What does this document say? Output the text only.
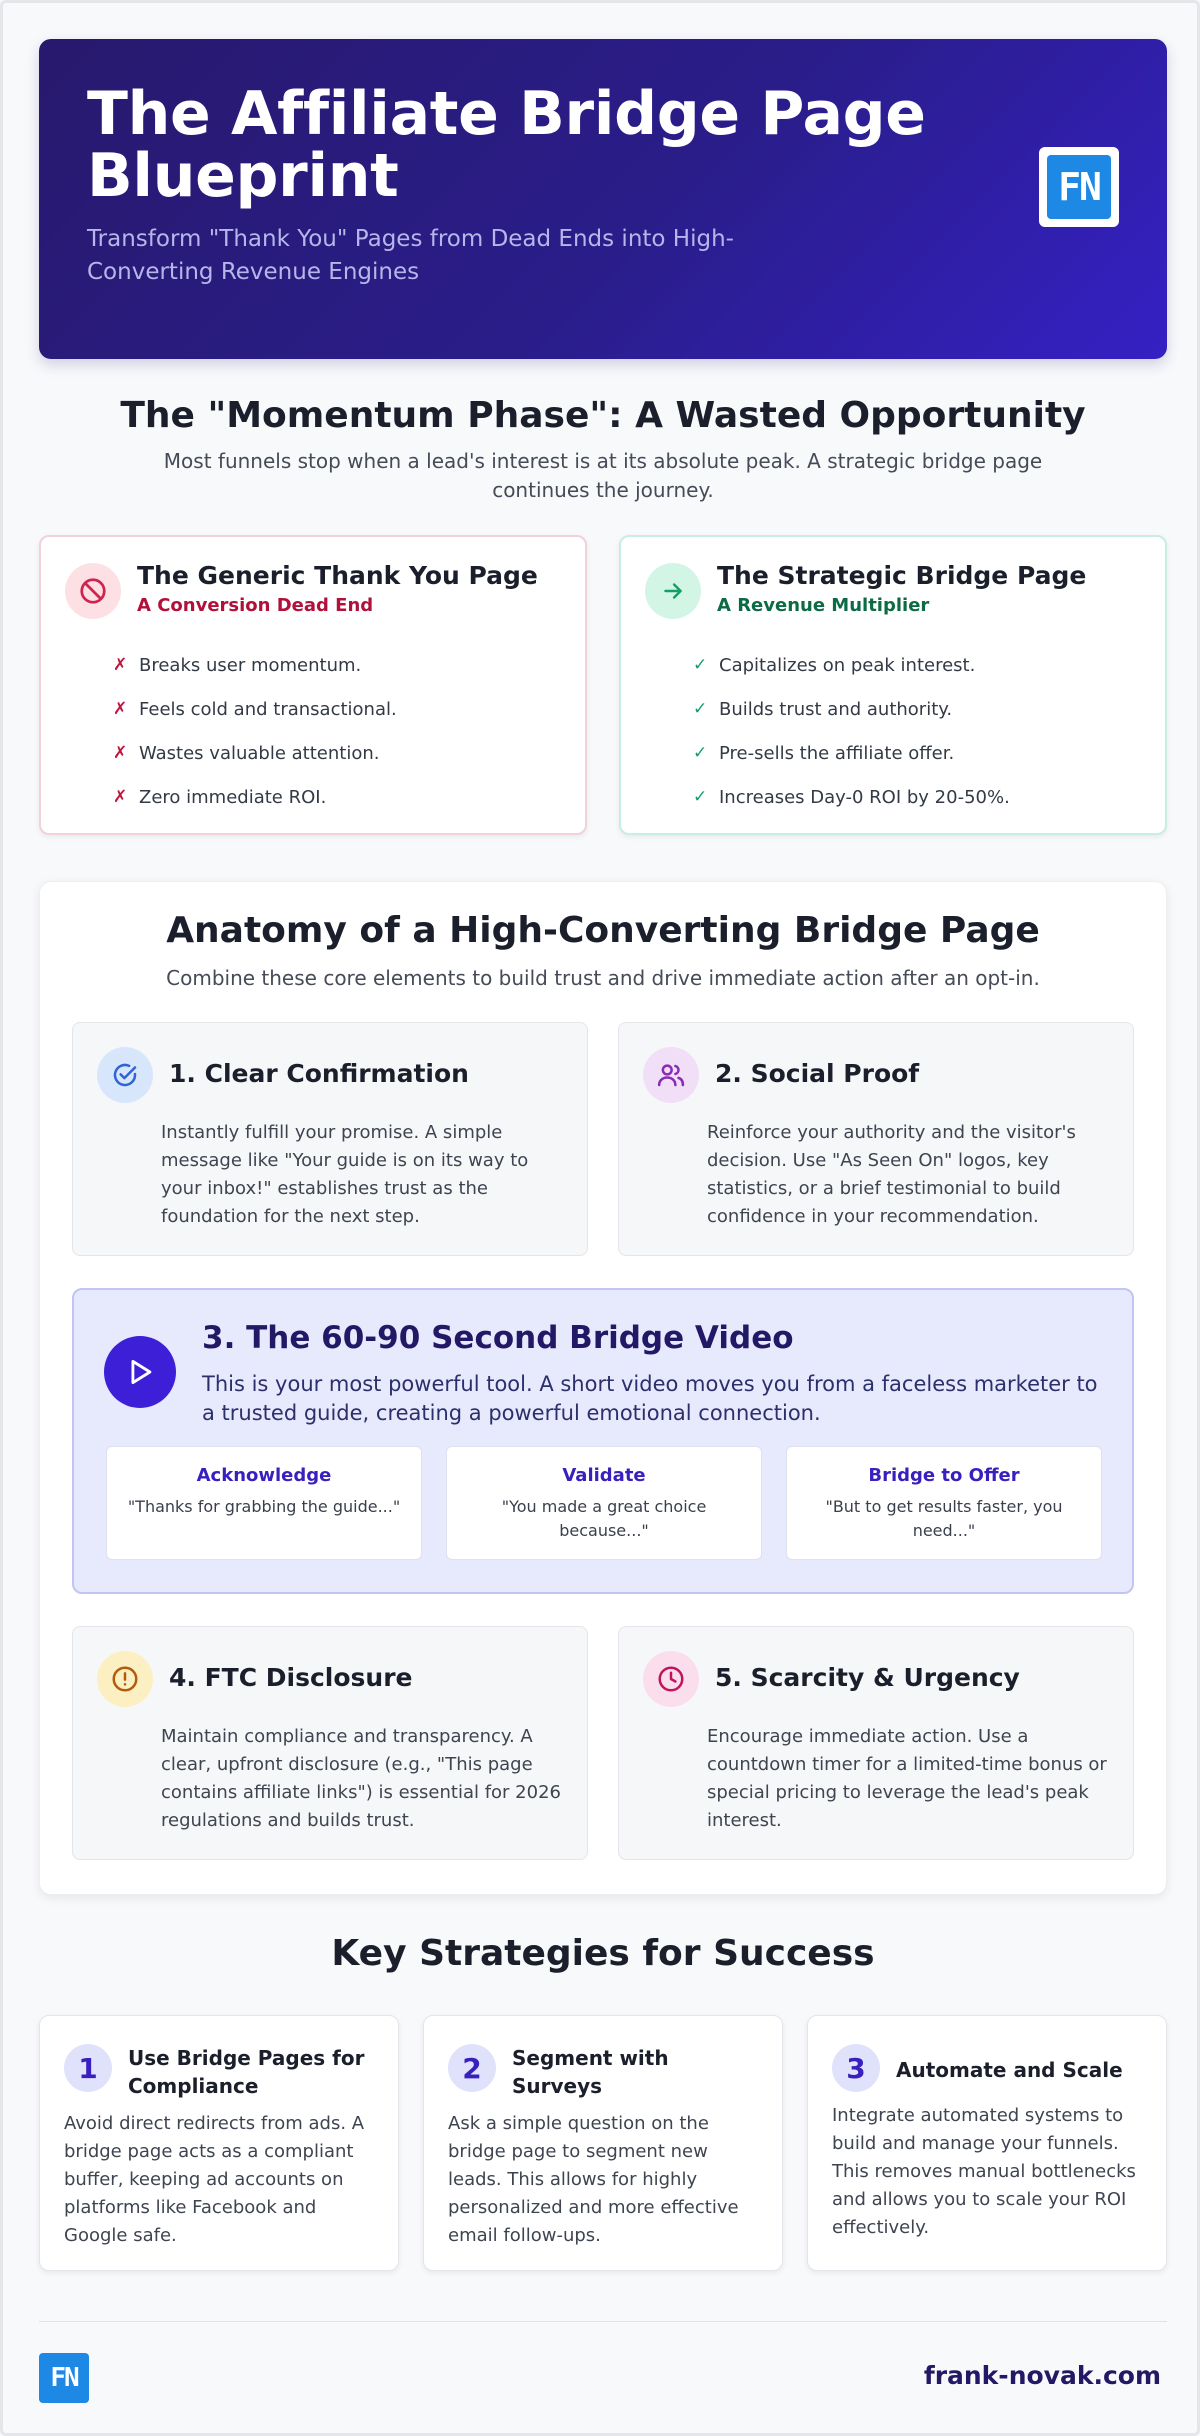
The Affiliate Bridge Page Blueprint

Transform "Thank You" Pages from Dead Ends into High-Converting Revenue Engines

FN
The "Momentum Phase": A Wasted Opportunity

Most funnels stop when a lead's interest is at its absolute peak. A strategic bridge page continues the journey.

The Generic Thank You Page
A Conversion Dead End
✗ Breaks user momentum.
✗ Feels cold and transactional.
✗ Wastes valuable attention.
✗ Zero immediate ROI.
The Strategic Bridge Page
A Revenue Multiplier
✓ Capitalizes on peak interest.
✓ Builds trust and authority.
✓ Pre-sells the affiliate offer.
✓ Increases Day-0 ROI by 20-50%.
Anatomy of a High-Converting Bridge Page

Combine these core elements to build trust and drive immediate action after an opt-in.

1. Clear Confirmation

Instantly fulfill your promise. A simple message like "Your guide is on its way to your inbox!" establishes trust as the foundation for the next step.

2. Social Proof

Reinforce your authority and the visitor's decision. Use "As Seen On" logos, key statistics, or a brief testimonial to build confidence in your recommendation.

3. The 60-90 Second Bridge Video

This is your most powerful tool. A short video moves you from a faceless marketer to a trusted guide, creating a powerful emotional connection.

Acknowledge
"Thanks for grabbing the guide..."
Validate
"You made a great choice because..."
Bridge to Offer
"But to get results faster, you need..."
4. FTC Disclosure

Maintain compliance and transparency. A clear, upfront disclosure (e.g., "This page contains affiliate links") is essential for 2026 regulations and builds trust.

5. Scarcity & Urgency

Encourage immediate action. Use a countdown timer for a limited-time bonus or special pricing to leverage the lead's peak interest.

Key Strategies for Success
1	Use Bridge Pages for Compliance

Avoid direct redirects from ads. A bridge page acts as a compliant buffer, keeping ad accounts on platforms like Facebook and Google safe.

2	Segment with Surveys

Ask a simple question on the bridge page to segment new leads. This allows for highly personalized and more effective email follow-ups.

3	Automate and Scale

Integrate automated systems to build and manage your funnels. This removes manual bottlenecks and allows you to scale your ROI effectively.

FN	frank-novak.com
